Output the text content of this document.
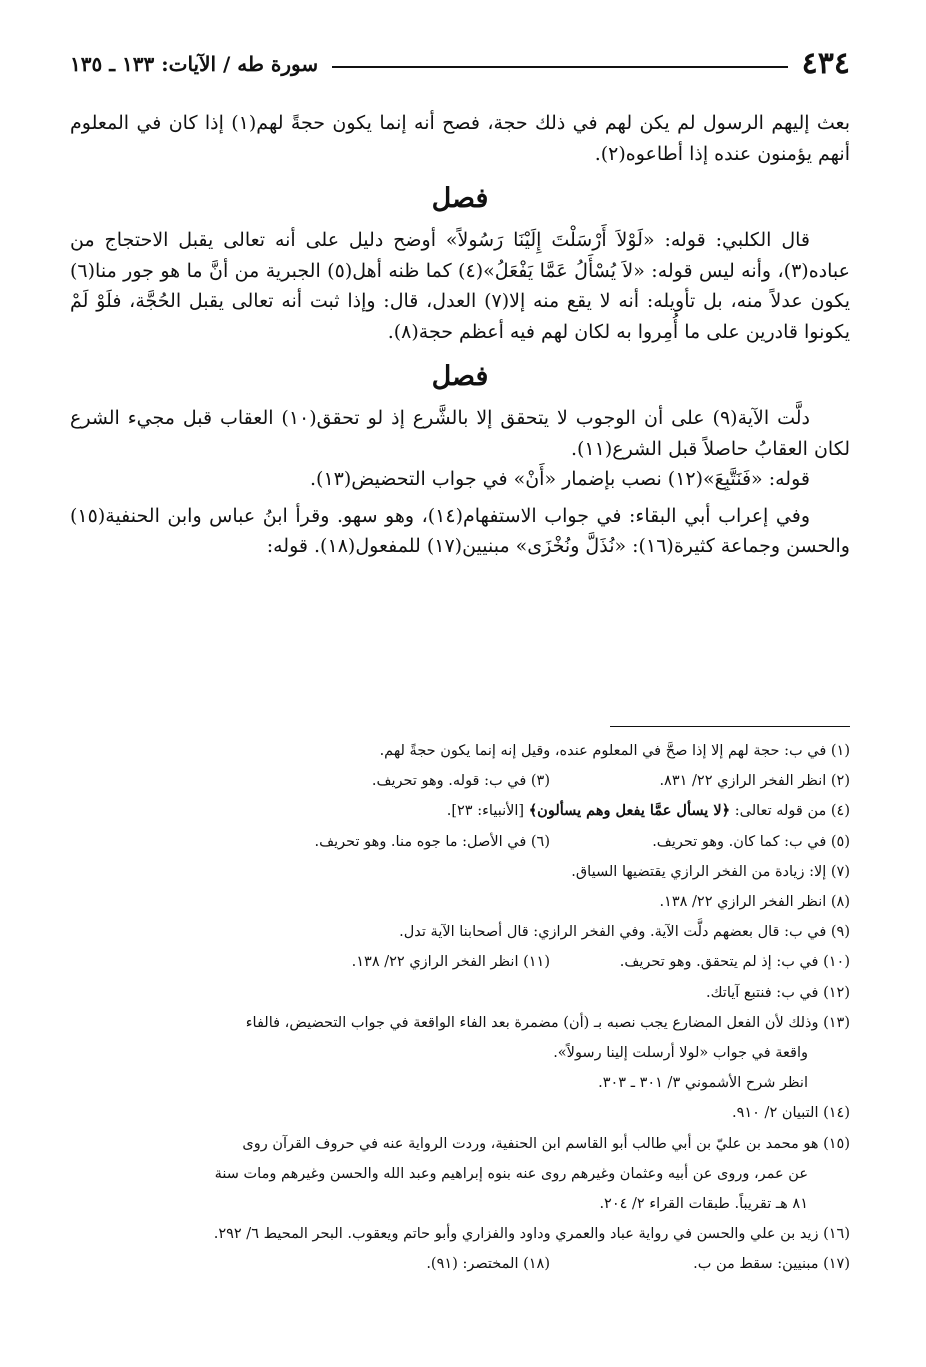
٤٣٤
سورة طه / الآيات: ١٣٣ ـ ١٣٥

بعث إليهم الرسول لم يكن لهم في ذلك حجة، فصح أنه إنما يكون حجةً لهم(١) إذا كان في المعلوم أنهم يؤمنون عنده إذا أطاعوه(٢).

فصل

قال الكلبي: قوله: «لَوْلاَ أَرْسَلْتَ إِلَيْنَا رَسُولاً» أوضح دليل على أنه تعالى يقبل الاحتجاج من عباده(٣)، وأنه ليس قوله: «لاَ يُسْأَلُ عَمَّا يَفْعَلُ»(٤) كما ظنه أهل(٥) الجبرية من أنَّ ما هو جور منا(٦) يكون عدلاً منه، بل تأويله: أنه لا يقع منه إلا(٧) العدل، قال: وإذا ثبت أنه تعالى يقبل الحُجَّة، فلَوْ لَمْ يكونوا قادرين على ما أُمِروا به لكان لهم فيه أعظم حجة(٨).

فصل

دلَّت الآية(٩) على أن الوجوب لا يتحقق إلا بالشَّرع إذ لو تحقق(١٠) العقاب قبل مجيء الشرع لكان العقابُ حاصلاً قبل الشرع(١١).

قوله: «فَنَتَّبِعَ»(١٢) نصب بإضمار «أَنْ» في جواب التحضيض(١٣).

وفي إعراب أبي البقاء: في جواب الاستفهام(١٤)، وهو سهو. وقرأ ابنُ عباس وابن الحنفية(١٥) والحسن وجماعة كثيرة(١٦): «نُذَلَّ ونُخْزَى» مبنيين(١٧) للمفعول(١٨). قوله:

(١) في ب: حجة لهم إلا إذا صحَّ في المعلوم عنده، وقيل إنه إنما يكون حجةً لهم.

(٢) انظر الفخر الرازي ٢٢/ ٨٣١.
(٣) في ب: قوله. وهو تحريف.

(٤) من قوله تعالى: ﴿لا يسأل عمَّا يفعل وهم يسألون﴾ [الأنبياء: ٢٣].

(٥) في ب: كما كان. وهو تحريف.
(٦) في الأصل: ما جوه منا. وهو تحريف.

(٧) إلا: زيادة من الفخر الرازي يقتضيها السياق.

(٨) انظر الفخر الرازي ٢٢/ ١٣٨.

(٩) في ب: قال بعضهم دلَّت الآية. وفي الفخر الرازي: قال أصحابنا الآية تدل.

(١٠) في ب: إذ لم يتحقق. وهو تحريف.
(١١) انظر الفخر الرازي ٢٢/ ١٣٨.

(١٢) في ب: فنتبع آياتك.

(١٣) وذلك لأن الفعل المضارع يجب نصبه بـ (أن) مضمرة بعد الفاء الواقعة في جواب التحضيض، فالفاء

واقعة في جواب «لولا أرسلت إلينا رسولاً».

انظر شرح الأشموني ٣/ ٣٠١ ـ ٣٠٣.

(١٤) التبيان ٢/ ٩١٠.

(١٥) هو محمد بن عليّ بن أبي طالب أبو القاسم ابن الحنفية، وردت الرواية عنه في حروف القرآن روى

عن عمر، وروى عن أبيه وعثمان وغيرهم روى عنه بنوه إبراهيم وعبد الله والحسن وغيرهم ومات سنة

٨١ هـ تقريباً. طبقات القراء ٢/ ٢٠٤.

(١٦) زيد بن علي والحسن في رواية عباد والعمري وداود والفزاري وأبو حاتم ويعقوب. البحر المحيط ٦/ ٢٩٢.

(١٧) مبنيين: سقط من ب.
(١٨) المختصر: (٩١).
